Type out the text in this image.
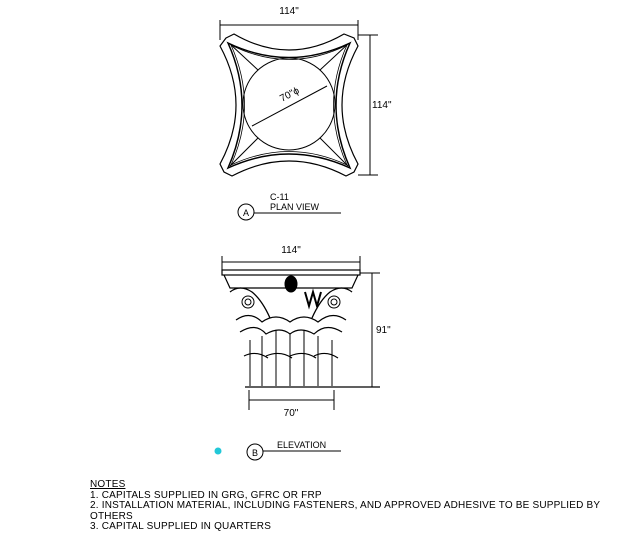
114"
114"
70"ϕ
A
C-11
PLAN VIEW
114"
91"
70"
B
ELEVATION
NOTES
1. CAPITALS SUPPLIED IN GRG, GFRC OR FRP
2. INSTALLATION MATERIAL, INCLUDING FASTENERS, AND APPROVED ADHESIVE TO BE SUPPLIED BY OTHERS
3. CAPITAL SUPPLIED IN QUARTERS
